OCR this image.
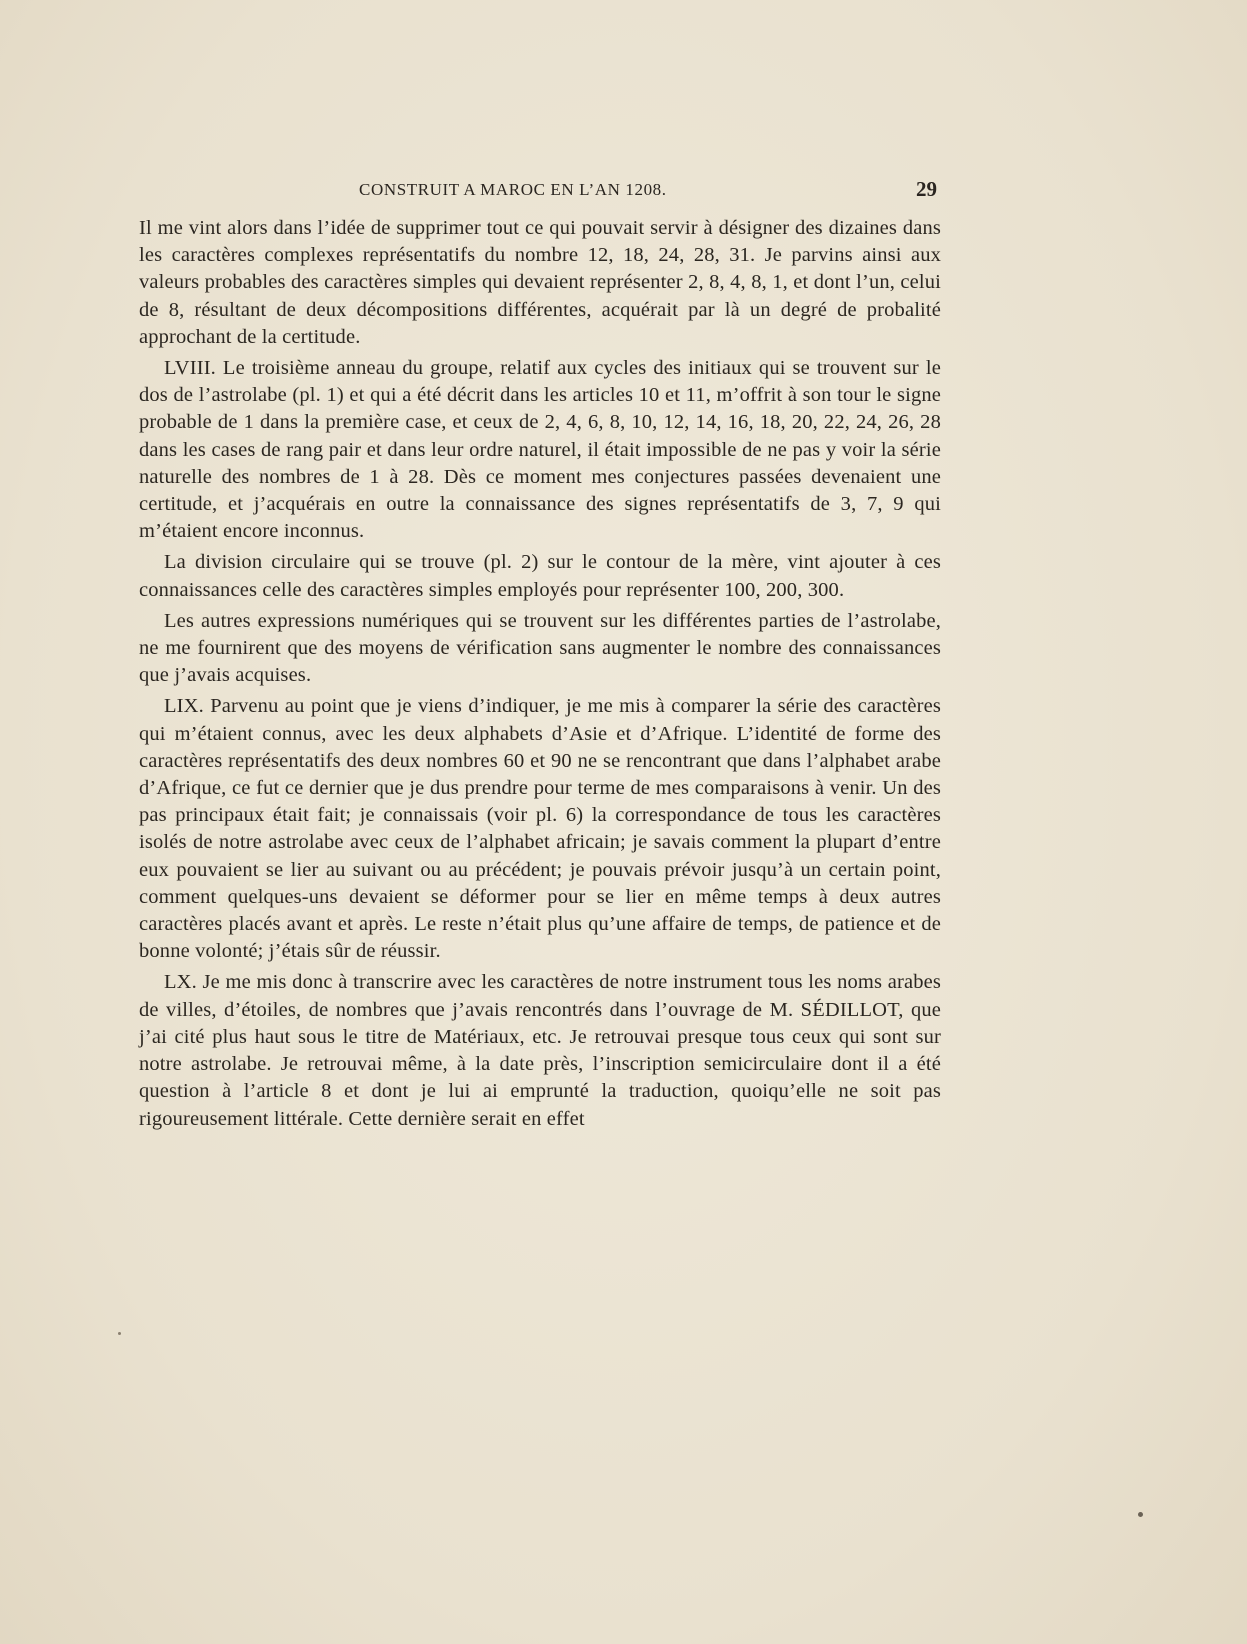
CONSTRUIT A MAROC EN L’AN 1208.	29

Il me vint alors dans l’idée de supprimer tout ce qui pouvait servir à désigner des dizaines dans les caractères complexes représentatifs du nombre 12, 18, 24, 28, 31. Je parvins ainsi aux valeurs probables des caractères simples qui devaient représenter 2, 8, 4, 8, 1, et dont l’un, celui de 8, résultant de deux décompositions différentes, acquérait par là un degré de probalité approchant de la certitude.

LVIII. Le troisième anneau du groupe, relatif aux cycles des initiaux qui se trouvent sur le dos de l’astrolabe (pl. 1) et qui a été décrit dans les articles 10 et 11, m’offrit à son tour le signe probable de 1 dans la première case, et ceux de 2, 4, 6, 8, 10, 12, 14, 16, 18, 20, 22, 24, 26, 28 dans les cases de rang pair et dans leur ordre naturel, il était impossible de ne pas y voir la série naturelle des nombres de 1 à 28. Dès ce moment mes conjectures passées devenaient une certitude, et j’acquérais en outre la connaissance des signes représentatifs de 3, 7, 9 qui m’étaient encore inconnus.

La division circulaire qui se trouve (pl. 2) sur le contour de la mère, vint ajouter à ces connaissances celle des caractères simples employés pour représenter 100, 200, 300.

Les autres expressions numériques qui se trouvent sur les différentes parties de l’astrolabe, ne me fournirent que des moyens de vérification sans augmenter le nombre des connaissances que j’avais acquises.

LIX. Parvenu au point que je viens d’indiquer, je me mis à comparer la série des caractères qui m’étaient connus, avec les deux alphabets d’Asie et d’Afrique. L’identité de forme des caractères représentatifs des deux nombres 60 et 90 ne se rencontrant que dans l’alphabet arabe d’Afrique, ce fut ce dernier que je dus prendre pour terme de mes comparaisons à venir. Un des pas principaux était fait; je connaissais (voir pl. 6) la correspondance de tous les caractères isolés de notre astrolabe avec ceux de l’alphabet africain; je savais comment la plupart d’entre eux pouvaient se lier au suivant ou au précédent; je pouvais prévoir jusqu’à un certain point, comment quelques-uns devaient se déformer pour se lier en même temps à deux autres caractères placés avant et après. Le reste n’était plus qu’une affaire de temps, de patience et de bonne volonté; j’étais sûr de réussir.

LX. Je me mis donc à transcrire avec les caractères de notre instrument tous les noms arabes de villes, d’étoiles, de nombres que j’avais rencontrés dans l’ouvrage de M. SÉDILLOT, que j’ai cité plus haut sous le titre de Matériaux, etc. Je retrouvai presque tous ceux qui sont sur notre astrolabe. Je retrouvai même, à la date près, l’inscription semicirculaire dont il a été question à l’article 8 et dont je lui ai emprunté la traduction, quoiqu’elle ne soit pas rigoureusement littérale. Cette dernière serait en effet
